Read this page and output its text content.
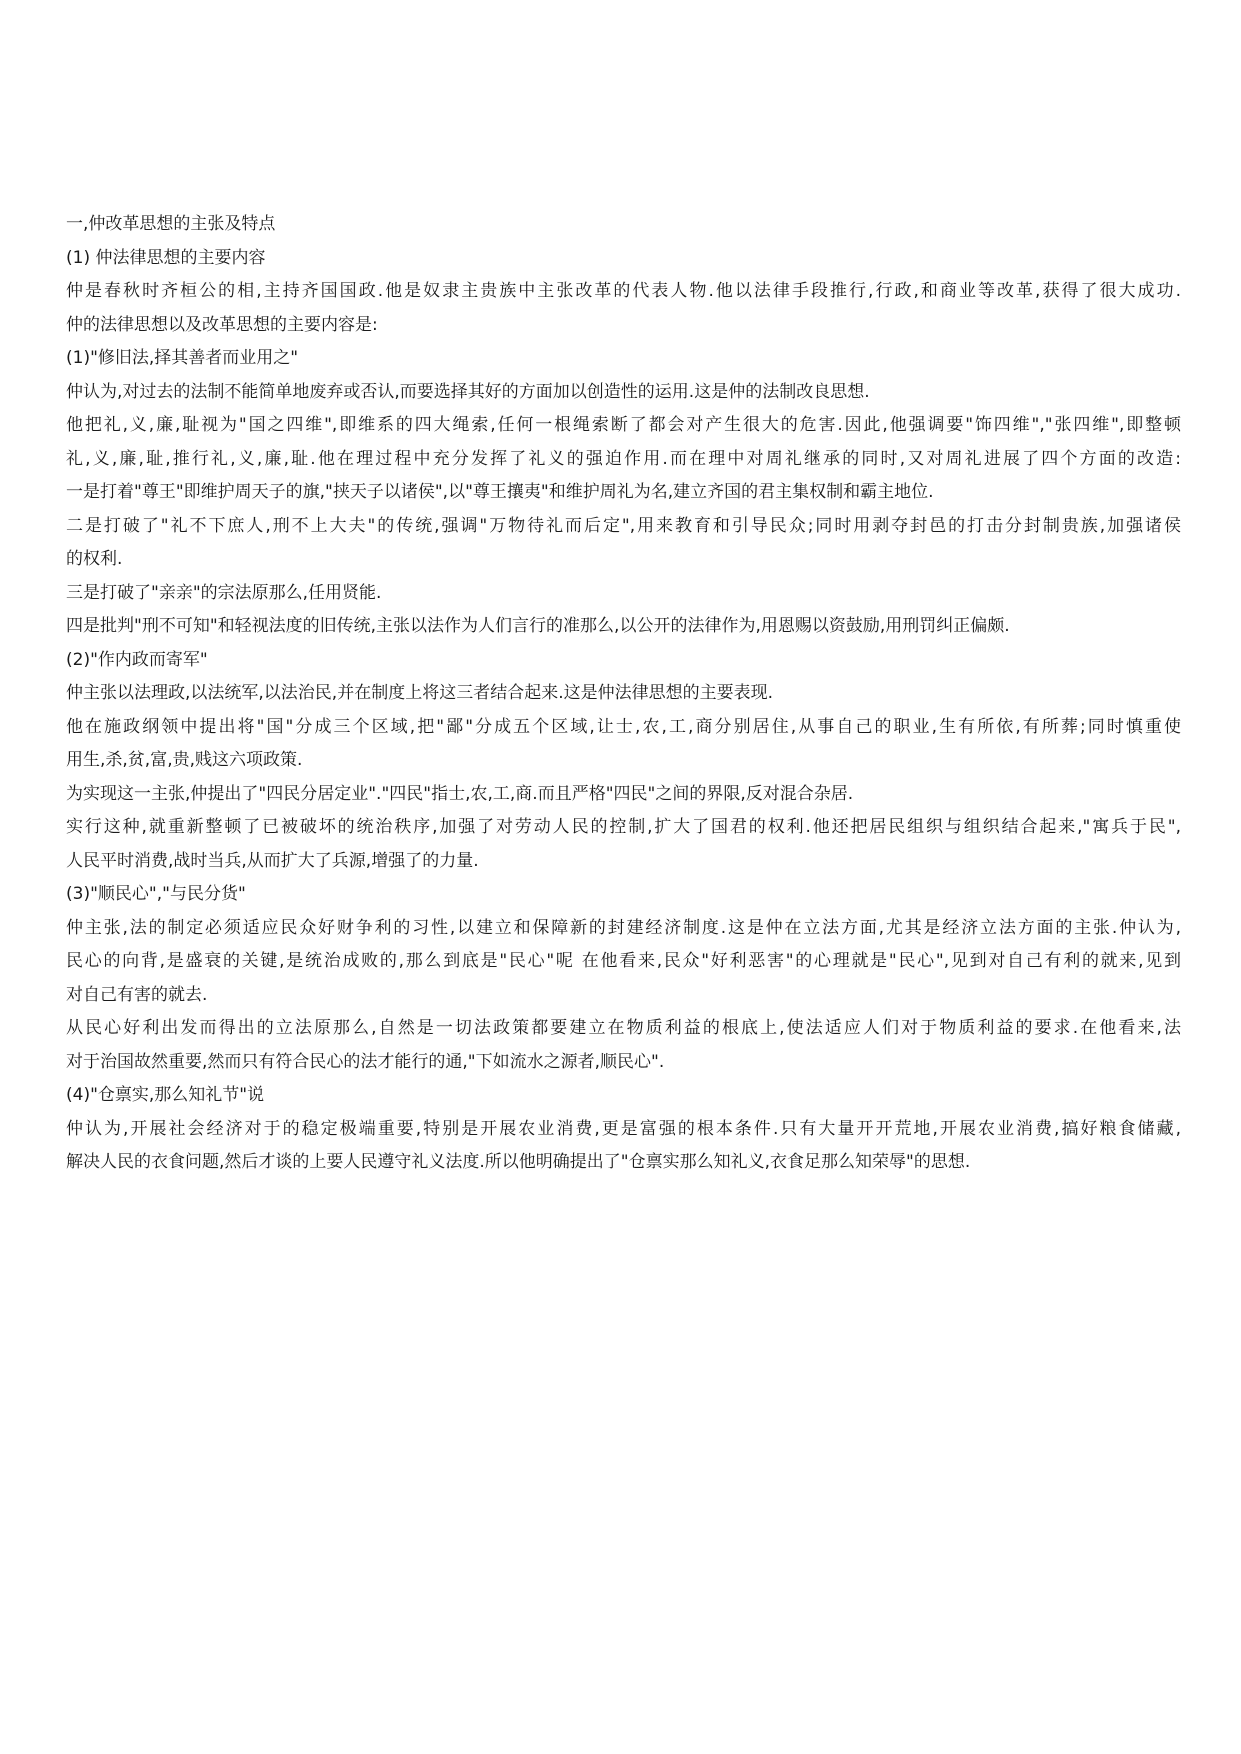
一,仲改革思想的主张及特点
(1) 仲法律思想的主要内容
仲是春秋时齐桓公的相,主持齐国国政.他是奴隶主贵族中主张改革的代表人物.他以法律手段推行,行政,和商业等改革,获得了很大成功.
仲的法律思想以及改革思想的主要内容是:
(1)"修旧法,择其善者而业用之"
仲认为,对过去的法制不能简单地废弃或否认,而要选择其好的方面加以创造性的运用.这是仲的法制改良思想.
他把礼,义,廉,耻视为"国之四维",即维系的四大绳索,任何一根绳索断了都会对产生很大的危害.因此,他强调要"饰四维","张四维",即整顿
礼,义,廉,耻,推行礼,义,廉,耻.他在理过程中充分发挥了礼义的强迫作用.而在理中对周礼继承的同时,又对周礼进展了四个方面的改造:
一是打着"尊王"即维护周天子的旗,"挟天子以诸侯",以"尊王攘夷"和维护周礼为名,建立齐国的君主集权制和霸主地位.
二是打破了"礼不下庶人,刑不上大夫"的传统,强调"万物待礼而后定",用来教育和引导民众;同时用剥夺封邑的打击分封制贵族,加强诸侯
的权利.
三是打破了"亲亲"的宗法原那么,任用贤能.
四是批判"刑不可知"和轻视法度的旧传统,主张以法作为人们言行的准那么,以公开的法律作为,用恩赐以资鼓励,用刑罚纠正偏颇.
(2)"作内政而寄军"
仲主张以法理政,以法统军,以法治民,并在制度上将这三者结合起来.这是仲法律思想的主要表现.
他在施政纲领中提出将"国"分成三个区域,把"鄙"分成五个区域,让士,农,工,商分别居住,从事自己的职业,生有所依,有所葬;同时慎重使
用生,杀,贫,富,贵,贱这六项政策.
为实现这一主张,仲提出了"四民分居定业"."四民"指士,农,工,商.而且严格"四民"之间的界限,反对混合杂居.
实行这种,就重新整顿了已被破坏的统治秩序,加强了对劳动人民的控制,扩大了国君的权利.他还把居民组织与组织结合起来,"寓兵于民",
人民平时消费,战时当兵,从而扩大了兵源,增强了的力量.
(3)"顺民心","与民分货"
仲主张,法的制定必须适应民众好财争利的习性,以建立和保障新的封建经济制度.这是仲在立法方面,尤其是经济立法方面的主张.仲认为,
民心的向背,是盛衰的关键,是统治成败的,那么到底是"民心"呢 在他看来,民众"好利恶害"的心理就是"民心",见到对自己有利的就来,见到
对自己有害的就去.
从民心好利出发而得出的立法原那么,自然是一切法政策都要建立在物质利益的根底上,使法适应人们对于物质利益的要求.在他看来,法
对于治国故然重要,然而只有符合民心的法才能行的通,"下如流水之源者,顺民心".
(4)"仓禀实,那么知礼节"说
仲认为,开展社会经济对于的稳定极端重要,特别是开展农业消费,更是富强的根本条件.只有大量开开荒地,开展农业消费,搞好粮食储藏,
解决人民的衣食问题,然后才谈的上要人民遵守礼义法度.所以他明确提出了"仓禀实那么知礼义,衣食足那么知荣辱"的思想.
